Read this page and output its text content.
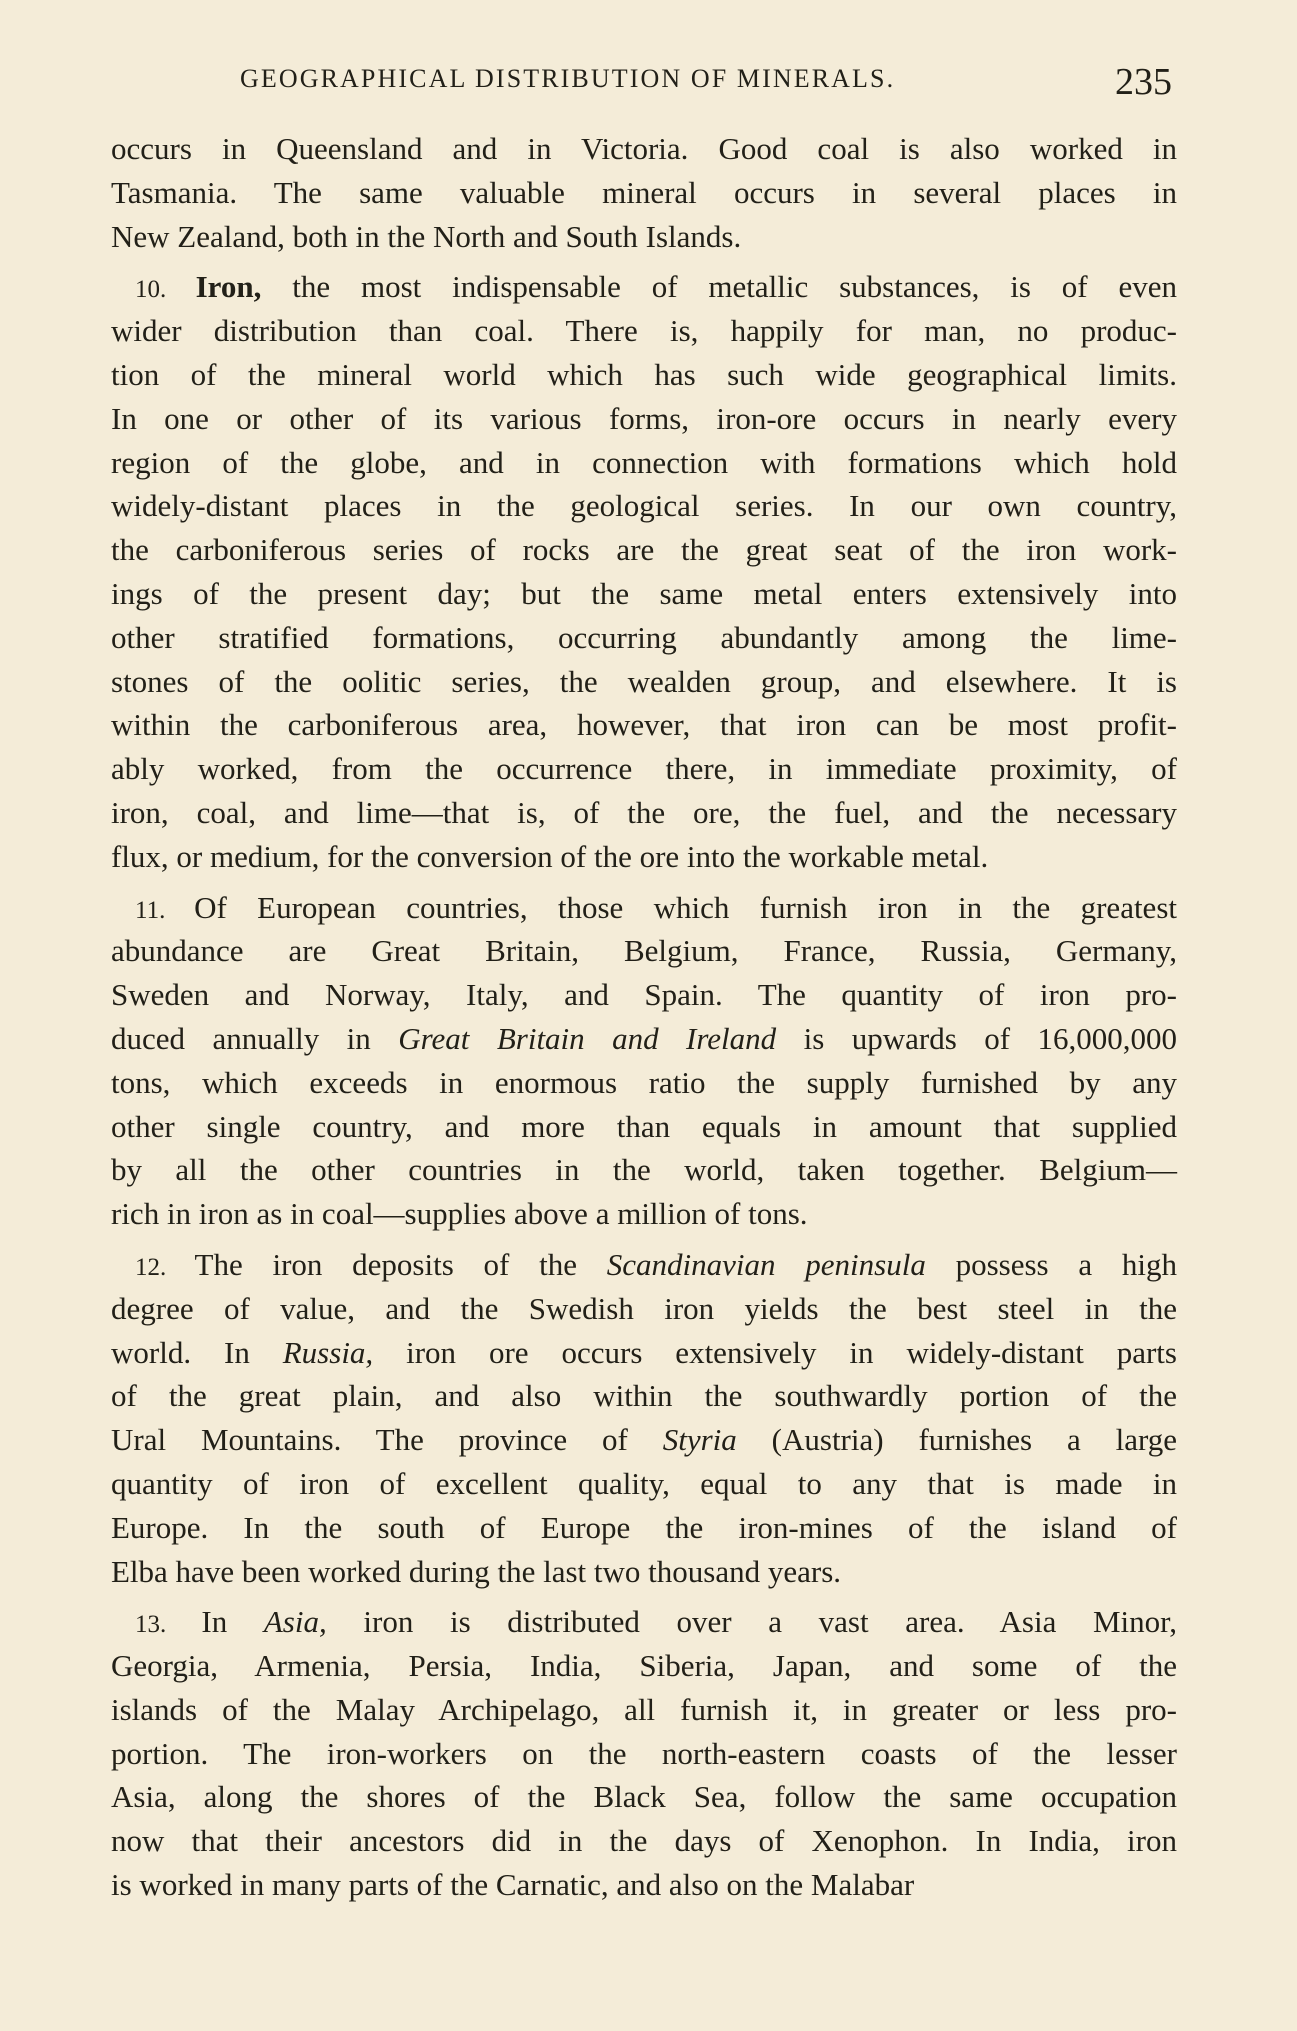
GEOGRAPHICAL DISTRIBUTION OF MINERALS.	235
occurs in Queensland and in Victoria. Good coal is also worked in
Tasmania. The same valuable mineral occurs in several places in
New Zealand, both in the North and South Islands.
10. Iron, the most indispensable of metallic substances, is of even
wider distribution than coal. There is, happily for man, no produc-
tion of the mineral world which has such wide geographical limits.
In one or other of its various forms, iron-ore occurs in nearly every
region of the globe, and in connection with formations which hold
widely-distant places in the geological series. In our own country,
the carboniferous series of rocks are the great seat of the iron work-
ings of the present day; but the same metal enters extensively into
other stratified formations, occurring abundantly among the lime-
stones of the oolitic series, the wealden group, and elsewhere. It is
within the carboniferous area, however, that iron can be most profit-
ably worked, from the occurrence there, in immediate proximity, of
iron, coal, and lime—that is, of the ore, the fuel, and the necessary
flux, or medium, for the conversion of the ore into the workable metal.
11. Of European countries, those which furnish iron in the greatest
abundance are Great Britain, Belgium, France, Russia, Germany,
Sweden and Norway, Italy, and Spain. The quantity of iron pro-
duced annually in Great Britain and Ireland is upwards of 16,000,000
tons, which exceeds in enormous ratio the supply furnished by any
other single country, and more than equals in amount that supplied
by all the other countries in the world, taken together. Belgium—
rich in iron as in coal—supplies above a million of tons.
12. The iron deposits of the Scandinavian peninsula possess a high
degree of value, and the Swedish iron yields the best steel in the
world. In Russia, iron ore occurs extensively in widely-distant parts
of the great plain, and also within the southwardly portion of the
Ural Mountains. The province of Styria (Austria) furnishes a large
quantity of iron of excellent quality, equal to any that is made in
Europe. In the south of Europe the iron-mines of the island of
Elba have been worked during the last two thousand years.
13. In Asia, iron is distributed over a vast area. Asia Minor,
Georgia, Armenia, Persia, India, Siberia, Japan, and some of the
islands of the Malay Archipelago, all furnish it, in greater or less pro-
portion. The iron-workers on the north-eastern coasts of the lesser
Asia, along the shores of the Black Sea, follow the same occupation
now that their ancestors did in the days of Xenophon. In India, iron
is worked in many parts of the Carnatic, and also on the Malabar
